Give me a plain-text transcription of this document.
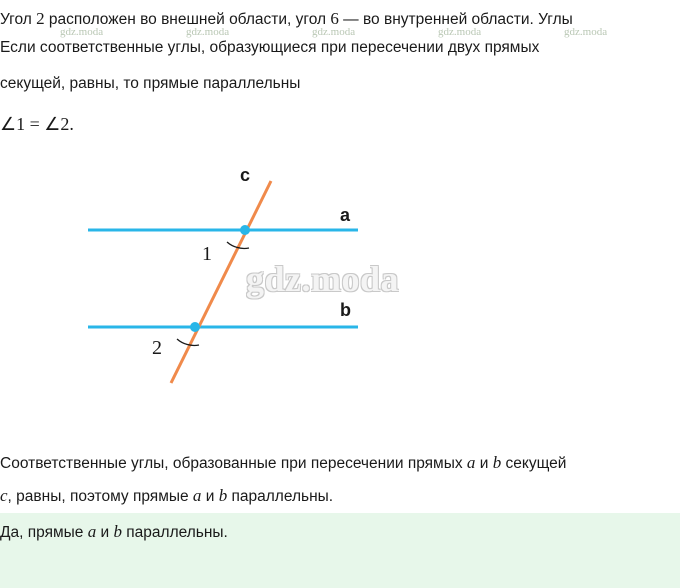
gdz.moda	gdz.moda	gdz.moda	gdz.moda	gdz.moda
Угол 2 расположен во внешней области, угол 6 — во внутренней области. Углы
Если соответственные углы, образующиеся при пересечении двух прямых
секущей, равны, то прямые параллельны
∠1 = ∠2.
c
a
b
1
2
gdz.moda
Соответственные углы, образованные при пересечении прямых a и b секущей
c, равны, поэтому прямые a и b параллельны.
Да, прямые a и b параллельны.
